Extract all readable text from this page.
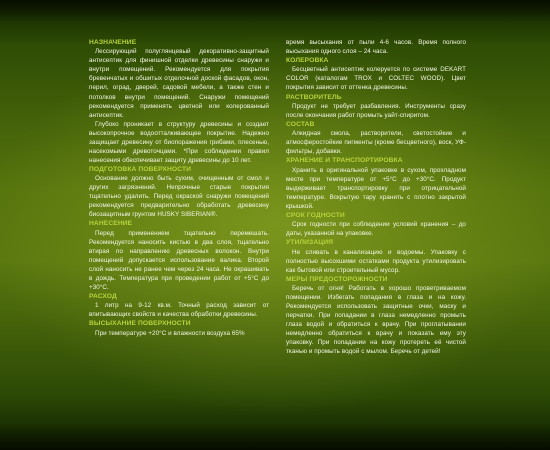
НАЗНАЧЕНИЕ

Лессирующий полуглянцевый декоративно-защитный антисептик для финишной отделки древесины снаружи и внутри помещений. Рекомендуется для покрытия бревенчатых и обшитых отделочной доской фасадов, окон, перил, оград, дверей, садовой мебели, а также стен и потолков внутри помещений. Снаружи помещений рекомендуется применять цветной или колерованный антисептик.

Глубоко проникает в структуру древесины и создает высокопрочное водоотталкивающее покрытие. Надежно защищает древесину от биопоражения грибами, плесенью, насекомыми древоточцами. *При соблюдении правил нанесения обеспечивает защиту древесины до 10 лет.

ПОДГОТОВКА ПОВЕРХНОСТИ

Основание должно быть сухим, очищенным от смол и других загрязнений. Непрочные старые покрытия тщательно удалить. Перед окраской снаружи помещений рекомендуется предварительно обработать древесину биозащитным грунтом HUSKY SIBERIAN®.

НАНЕСЕНИЕ

Перед применением тщательно перемешать. Рекомендуется наносить кистью в два слоя, тщательно втирая по направлению древесных волокон. Внутри помещений допускается использование валика. Второй слой наносить не ранее чем через 24 часа. Не окрашивать в дождь. Температура при проведении работ от +5°С до +30°С.

РАСХОД

1 литр на 9-12 кв.м. Точный расход зависит от впитывающих свойств и качества обработки древесины.

ВЫСЫХАНИЕ ПОВЕРХНОСТИ

При температуре +20°С и влажности воздуха 65%

время высыхания от пыли 4-6 часов. Время полного высыхания одного слоя – 24 часа.

КОЛЕРОВКА

Бесцветный антисептик колеруется по системе DEKART COLOR (каталогам TROX и COLTEC WOOD). Цвет покрытия зависит от оттенка древесины.

РАСТВОРИТЕЛЬ

Продукт не требует разбавления. Инструменты сразу после окончания работ промыть уайт-спиритом.

СОСТАВ

Алкидная смола, растворители, светостойкие и атмосферостойкие пигменты (кроме бесцветного), воск, УФ-фильтры, добавки.

ХРАНЕНИЕ И ТРАНСПОРТИРОВКА

Хранить в оригинальной упаковке в сухом, прохладном месте при температуре от +5°С до +30°С. Продукт выдерживает транспортировку при отрицательной температуре. Вскрытую тару хранить с плотно закрытой крышкой.

СРОК ГОДНОСТИ

Срок годности при соблюдении условий хранения – до даты, указанной на упаковке.

УТИЛИЗАЦИЯ

Не сливать в канализацию и водоемы. Упаковку с полностью высохшими остатками продукта утилизировать как бытовой или строительный мусор.

МЕРЫ ПРЕДОСТОРОЖНОСТИ

Беречь от огня! Работать в хорошо проветриваемом помещении. Избегать попадания в глаза и на кожу. Рекомендуется использовать защитные очки, маску и перчатки. При попадании в глаза немедленно промыть глаза водой и обратиться к врачу. При проглатывании немедленно обратиться к врачу и показать ему эту упаковку. При попадании на кожу протереть её чистой тканью и промыть водой с мылом. Беречь от детей!
